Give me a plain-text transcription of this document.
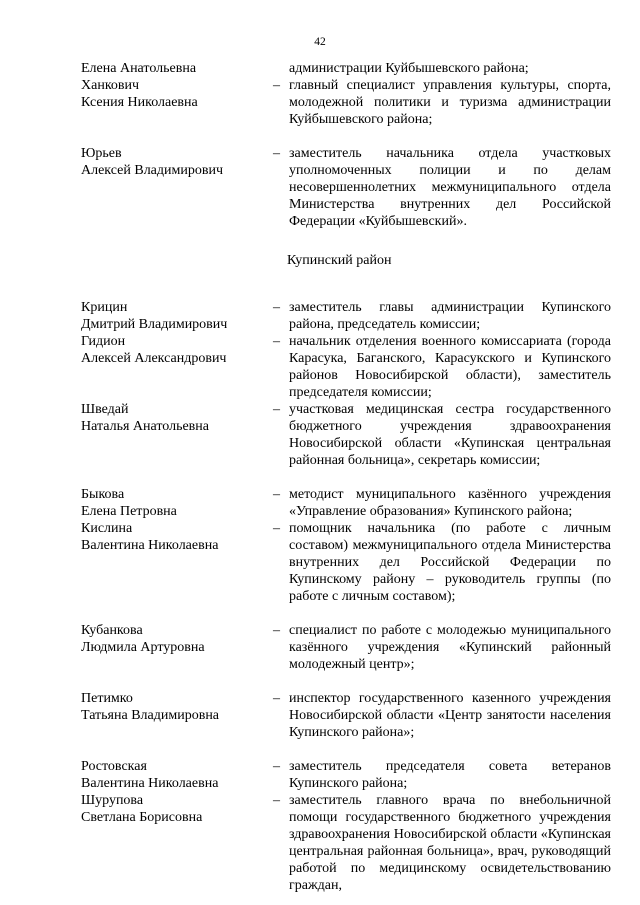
42
Елена Анатольевна	администрации Куйбышевского района;
Ханкович
Ксения Николаевна
– главный специалист управления культуры, спорта, молодежной политики и туризма администрации Куйбышевского района;
Юрьев
Алексей Владимирович
– заместитель начальника отдела участковых уполномоченных полиции и по делам несовершеннолетних межмуниципального отдела Министерства внутренних дел Российской Федерации «Куйбышевский».
Купинский район
Крицин
Дмитрий Владимирович
– заместитель главы администрации Купинского района, председатель комиссии;
Гидион
Алексей Александрович
– начальник отделения военного комиссариата (города Карасука, Баганского, Карасукского и Купинского районов Новосибирской области), заместитель председателя комиссии;
Шведай
Наталья Анатольевна
– участковая медицинская сестра государственного бюджетного учреждения здравоохранения Новосибирской области «Купинская центральная районная больница», секретарь комиссии;
Быкова
Елена Петровна
– методист муниципального казённого учреждения «Управление образования» Купинского района;
Кислина
Валентина Николаевна
– помощник начальника (по работе с личным составом) межмуниципального отдела Министерства внутренних дел Российской Федерации по Купинскому району – руководитель группы (по работе с личным составом);
Кубанкова
Людмила Артуровна
– специалист по работе с молодежью муниципального казённого учреждения «Купинский районный молодежный центр»;
Петимко
Татьяна Владимировна
– инспектор государственного казенного учреждения Новосибирской области «Центр занятости населения Купинского района»;
Ростовская
Валентина Николаевна
– заместитель председателя совета ветеранов Купинского района;
Шурупова
Светлана Борисовна
– заместитель главного врача по внебольничной помощи государственного бюджетного учреждения здравоохранения Новосибирской области «Купинская центральная районная больница», врач, руководящий работой по медицинскому освидетельствованию граждан,
